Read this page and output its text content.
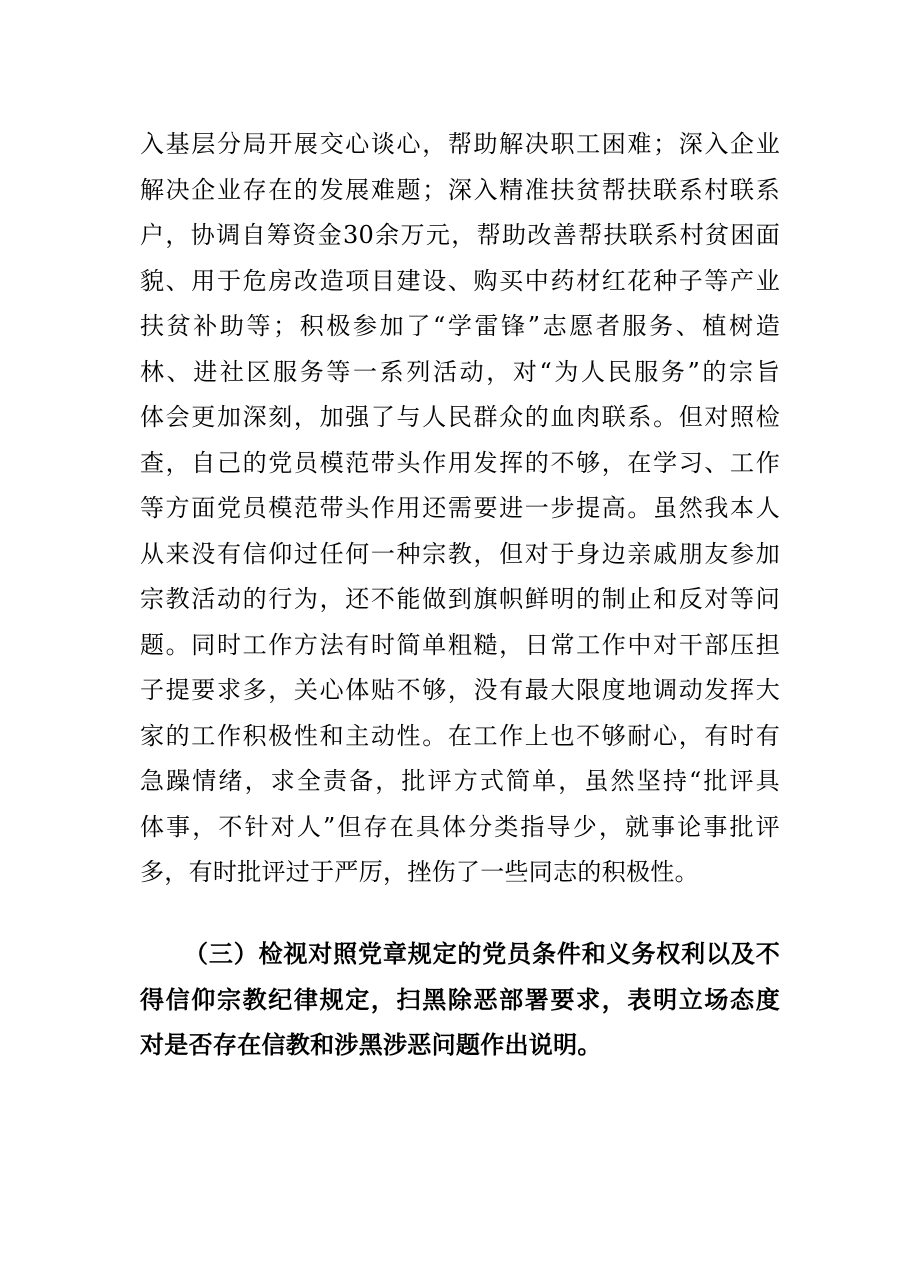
入基层分局开展交心谈心，帮助解决职工困难；深入企业
解决企业存在的发展难题；深入精准扶贫帮扶联系村联系
户，协调自筹资金30余万元，帮助改善帮扶联系村贫困面
貌、用于危房改造项目建设、购买中药材红花种子等产业
扶贫补助等；积极参加了“学雷锋”志愿者服务、植树造
林、进社区服务等一系列活动，对“为人民服务”的宗旨
体会更加深刻，加强了与人民群众的血肉联系。但对照检
查，自己的党员模范带头作用发挥的不够，在学习、工作
等方面党员模范带头作用还需要进一步提高。虽然我本人
从来没有信仰过任何一种宗教，但对于身边亲戚朋友参加
宗教活动的行为，还不能做到旗帜鲜明的制止和反对等问
题。同时工作方法有时简单粗糙，日常工作中对干部压担
子提要求多，关心体贴不够，没有最大限度地调动发挥大
家的工作积极性和主动性。在工作上也不够耐心，有时有
急躁情绪，求全责备，批评方式简单，虽然坚持“批评具
体事，不针对人”但存在具体分类指导少，就事论事批评
多，有时批评过于严厉，挫伤了一些同志的积极性。
（三）检视对照党章规定的党员条件和义务权利以及不
得信仰宗教纪律规定，扫黑除恶部署要求，表明立场态度
对是否存在信教和涉黑涉恶问题作出说明。
